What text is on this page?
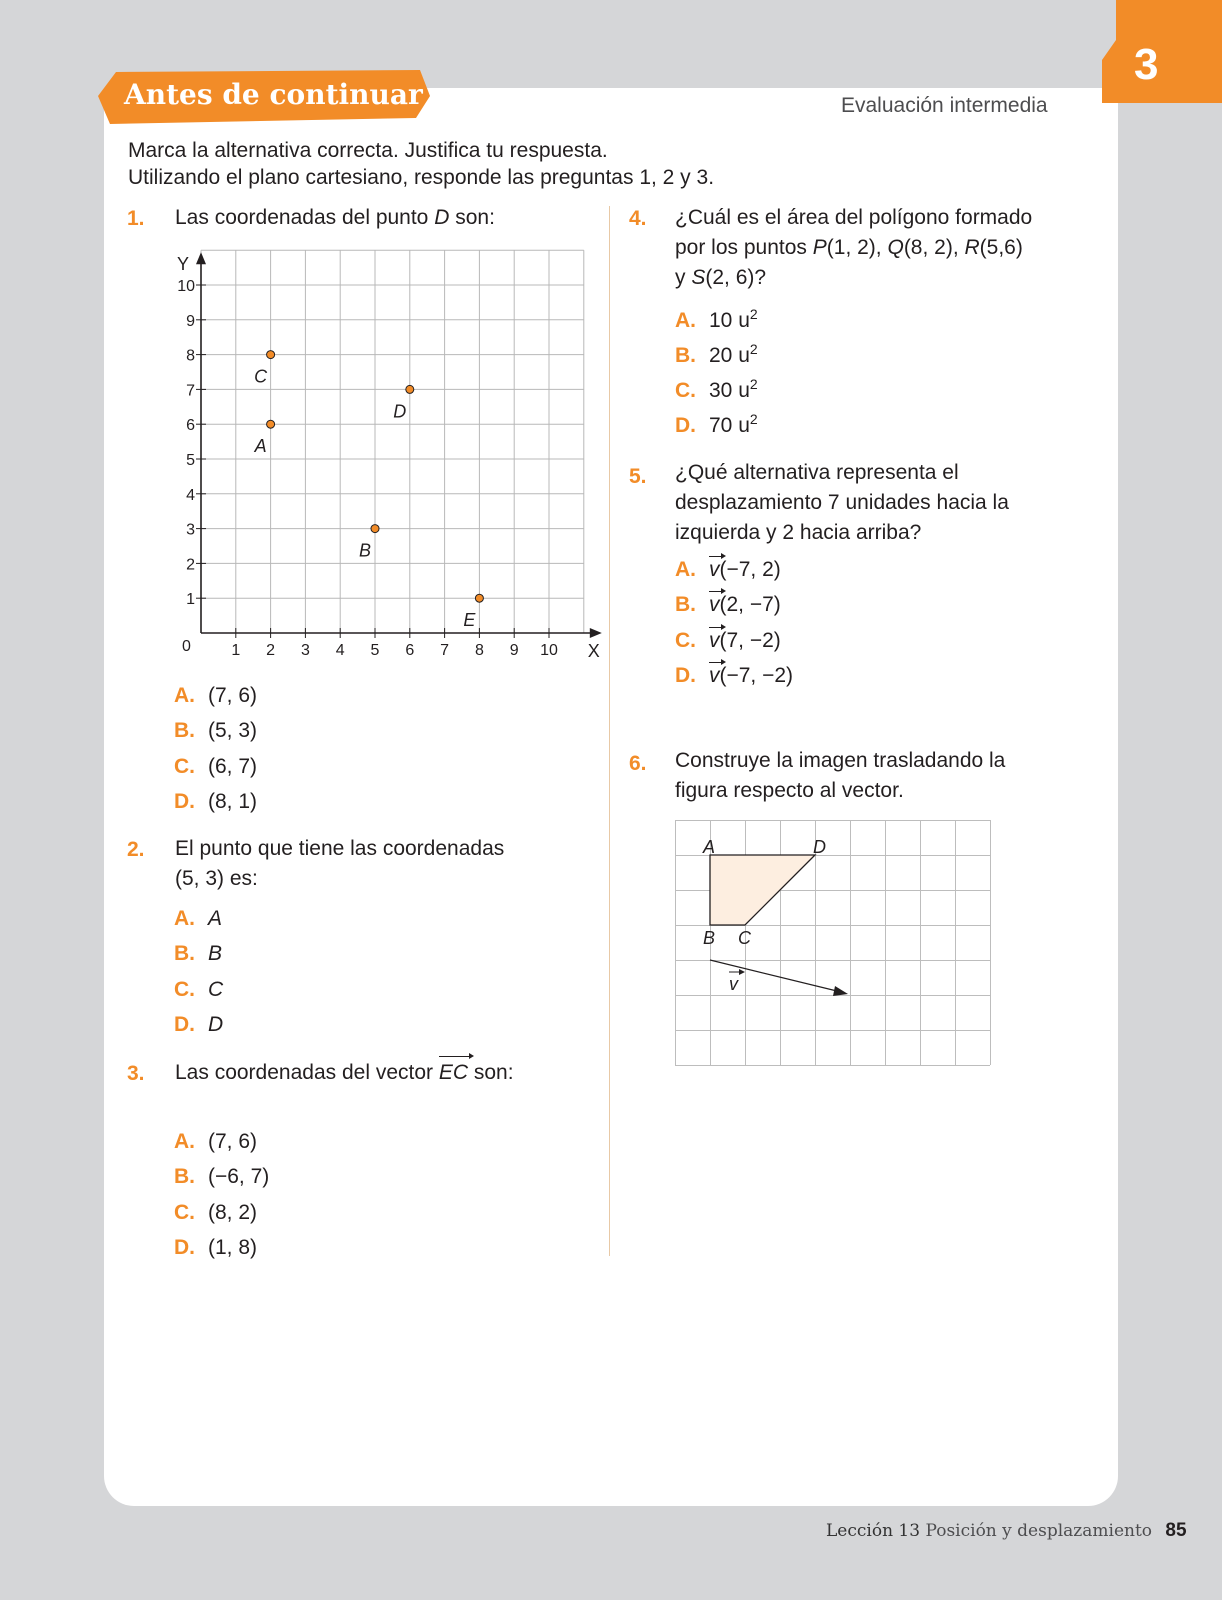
3
Antes de continuar	Evaluación intermedia
Marca la alternativa correcta. Justifica tu respuesta.
Utilizando el plano cartesiano, responde las preguntas 1, 2 y 3.
1. Las coordenadas del punto D son:
1
1
2
2
3
3
4
4
5
5
6
6
7
7
8
8
9
9
10
10
A
B
C
D
E
Y
X
0
A. (7, 6)
B. (5, 3)
C. (6, 7)
D. (8, 1)
2. El punto que tiene las coordenadas
(5, 3) es:
A. A
B. B
C. C
D. D
3. Las coordenadas del vector EC son:
A. (7, 6)
B. (−6, 7)
C. (8, 2)
D. (1, 8)
4. ¿Cuál es el área del polígono formado
por los puntos P(1, 2), Q(8, 2), R(5,6)
y S(2, 6)?
A. 10 $u^2$
B. 20 $u^2$
C. 30 $u^2$
D. 70 $u^2$
5. ¿Qué alternativa representa el
desplazamiento 7 unidades hacia la
izquierda y 2 hacia arriba?
A. v(−7, 2)
B. v(2, −7)
C. v(7, −2)
D. v(−7, −2)
6. Construye la imagen trasladando la
figura respecto al vector.
A	D
B C
v
Lección 13 Posición y desplazamiento 85
